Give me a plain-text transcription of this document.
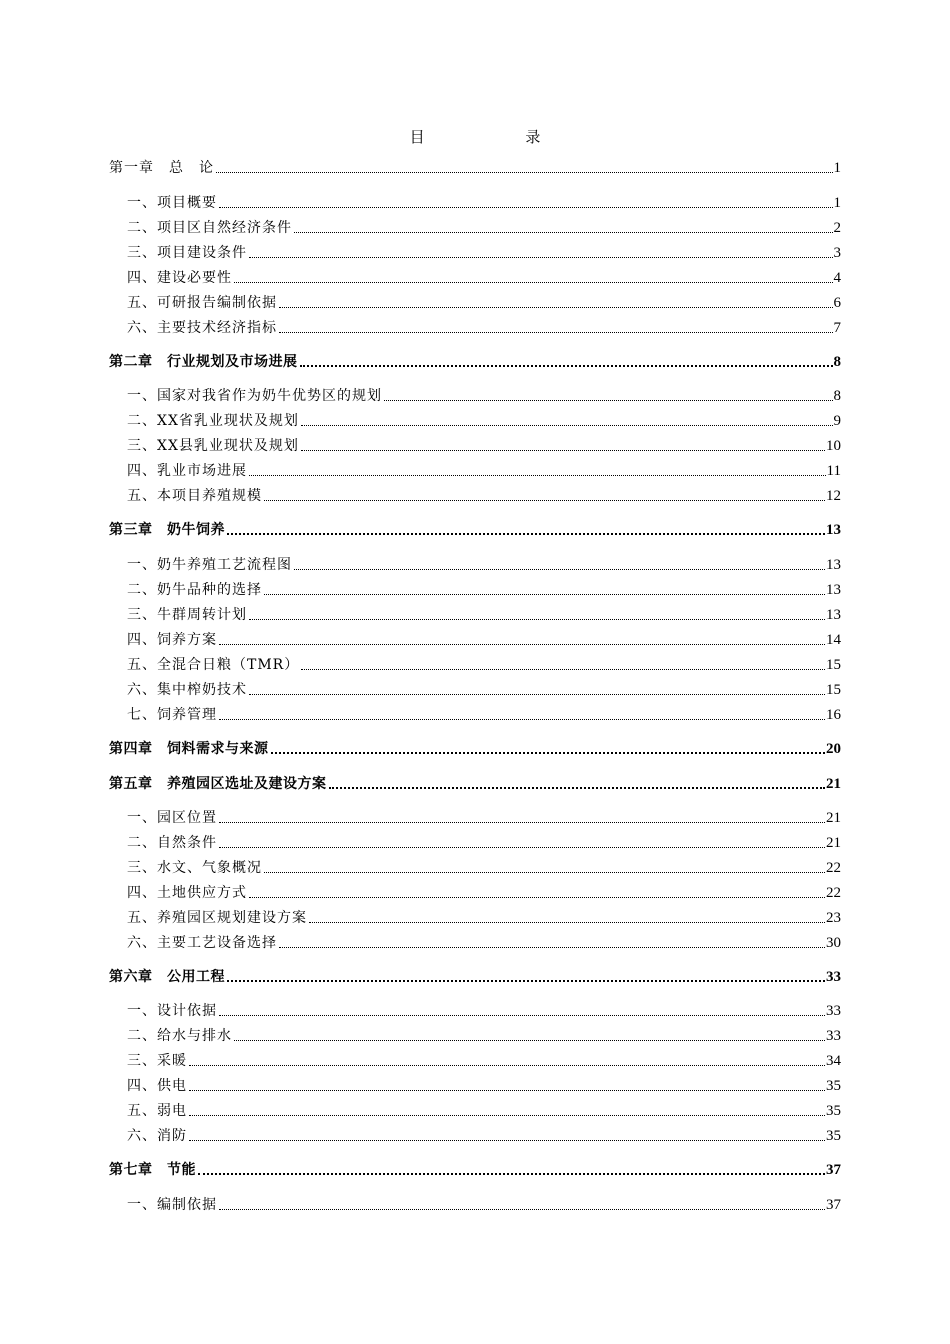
目 录
第一章　总　论	1
一、项目概要	1
二、项目区自然经济条件	2
三、项目建设条件	3
四、建设必要性	4
五、可研报告编制依据	6
六、主要技术经济指标	7
第二章　行业规划及市场进展	8
一、国家对我省作为奶牛优势区的规划	8
二、XX省乳业现状及规划	9
三、XX县乳业现状及规划	10
四、乳业市场进展	11
五、本项目养殖规模	12
第三章　奶牛饲养	13
一、奶牛养殖工艺流程图	13
二、奶牛品种的选择	13
三、牛群周转计划	13
四、饲养方案	14
五、全混合日粮（TMR）	15
六、集中榨奶技术	15
七、饲养管理	16
第四章　饲料需求与来源	20
第五章　养殖园区选址及建设方案	21
一、园区位置	21
二、自然条件	21
三、水文、气象概况	22
四、土地供应方式	22
五、养殖园区规划建设方案	23
六、主要工艺设备选择	30
第六章　公用工程	33
一、设计依据	33
二、给水与排水	33
三、采暖	34
四、供电	35
五、弱电	35
六、消防	35
第七章　节能	37
一、编制依据	37
